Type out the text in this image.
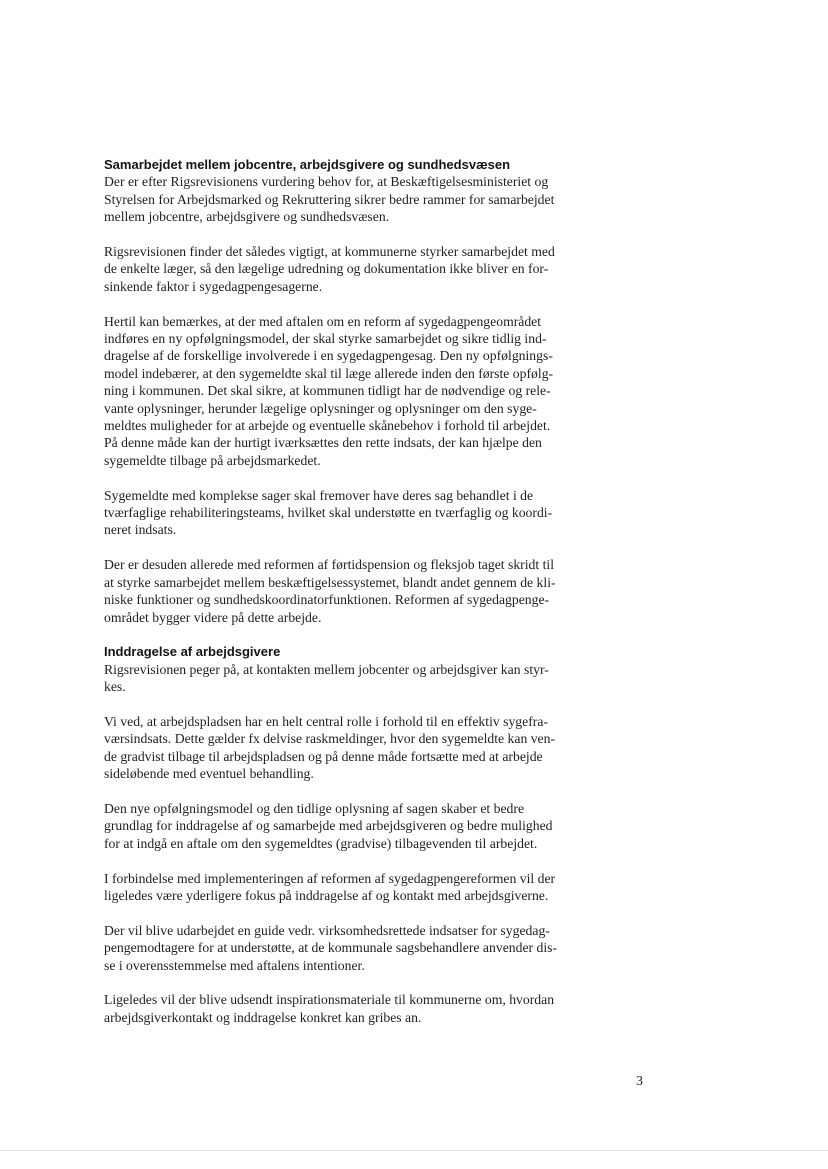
Samarbejdet mellem jobcentre, arbejdsgivere og sundhedsvæsen
Der er efter Rigsrevisionens vurdering behov for, at Beskæftigelsesministeriet og
Styrelsen for Arbejdsmarked og Rekruttering sikrer bedre rammer for samarbejdet
mellem jobcentre, arbejdsgivere og sundhedsvæsen.
Rigsrevisionen finder det således vigtigt, at kommunerne styrker samarbejdet med
de enkelte læger, så den lægelige udredning og dokumentation ikke bliver en for-
sinkende faktor i sygedagpengesagerne.
Hertil kan bemærkes, at der med aftalen om en reform af sygedagpengeområdet
indføres en ny opfølgningsmodel, der skal styrke samarbejdet og sikre tidlig ind-
dragelse af de forskellige involverede i en sygedagpengesag. Den ny opfølgnings-
model indebærer, at den sygemeldte skal til læge allerede inden den første opfølg-
ning i kommunen. Det skal sikre, at kommunen tidligt har de nødvendige og rele-
vante oplysninger, herunder lægelige oplysninger og oplysninger om den syge-
meldtes muligheder for at arbejde og eventuelle skånebehov i forhold til arbejdet.
På denne måde kan der hurtigt iværksættes den rette indsats, der kan hjælpe den
sygemeldte tilbage på arbejdsmarkedet.
Sygemeldte med komplekse sager skal fremover have deres sag behandlet i de
tværfaglige rehabiliteringsteams, hvilket skal understøtte en tværfaglig og koordi-
neret indsats.
Der er desuden allerede med reformen af førtidspension og fleksjob taget skridt til
at styrke samarbejdet mellem beskæftigelsessystemet, blandt andet gennem de kli-
niske funktioner og sundhedskoordinatorfunktionen. Reformen af sygedagpenge-
området bygger videre på dette arbejde.
Inddragelse af arbejdsgivere
Rigsrevisionen peger på, at kontakten mellem jobcenter og arbejdsgiver kan styr-
kes.
Vi ved, at arbejdspladsen har en helt central rolle i forhold til en effektiv sygefra-
værsindsats. Dette gælder fx delvise raskmeldinger, hvor den sygemeldte kan ven-
de gradvist tilbage til arbejdspladsen og på denne måde fortsætte med at arbejde
sideløbende med eventuel behandling.
Den nye opfølgningsmodel og den tidlige oplysning af sagen skaber et bedre
grundlag for inddragelse af og samarbejde med arbejdsgiveren og bedre mulighed
for at indgå en aftale om den sygemeldtes (gradvise) tilbagevenden til arbejdet.
I forbindelse med implementeringen af reformen af sygedagpengereformen vil der
ligeledes være yderligere fokus på inddragelse af og kontakt med arbejdsgiverne.
Der vil blive udarbejdet en guide vedr. virksomhedsrettede indsatser for sygedag-
pengemodtagere for at understøtte, at de kommunale sagsbehandlere anvender dis-
se i overensstemmelse med aftalens intentioner.
Ligeledes vil der blive udsendt inspirationsmateriale til kommunerne om, hvordan
arbejdsgiverkontakt og inddragelse konkret kan gribes an.
3
